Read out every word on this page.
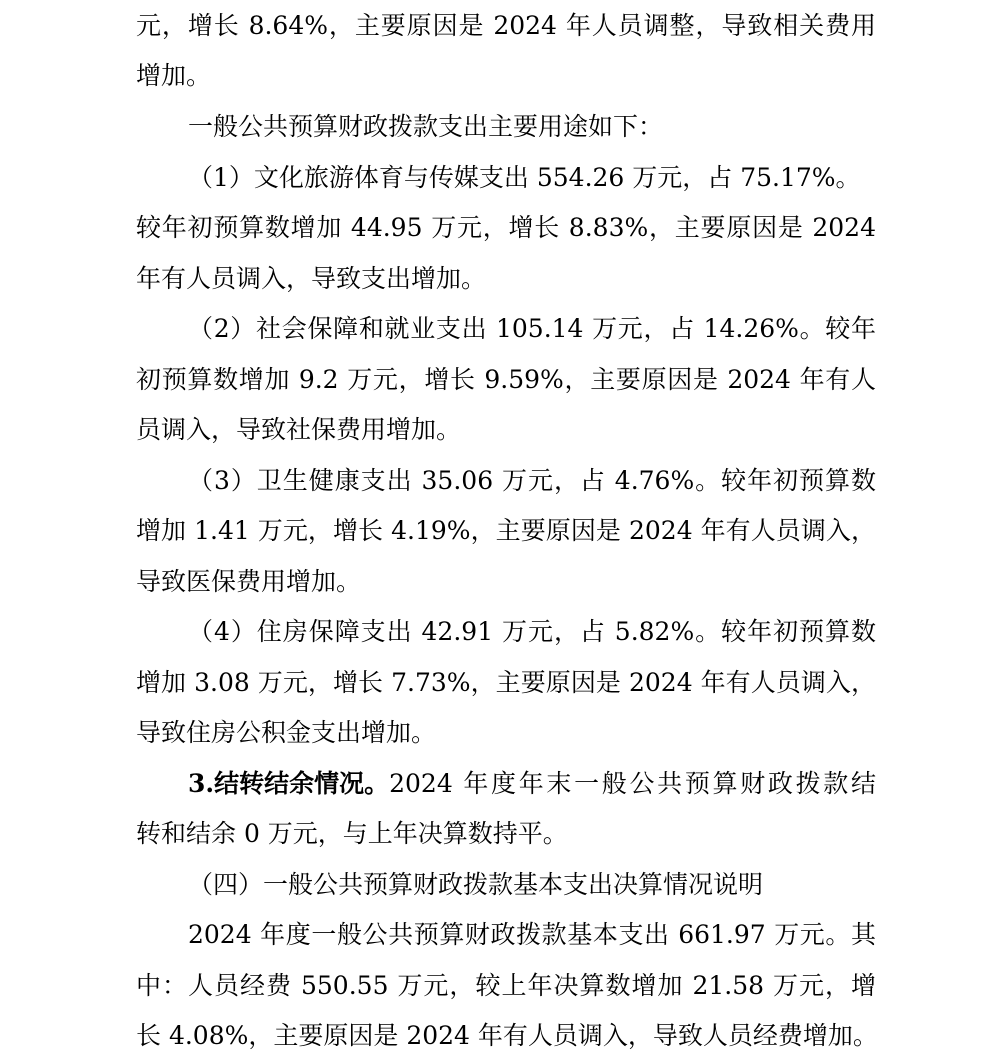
元，增长 8.64%，主要原因是 2024 年人员调整，导致相关费用
增加。
一般公共预算财政拨款支出主要用途如下：
（1）文化旅游体育与传媒支出 554.26 万元，占 75.17%。
较年初预算数增加 44.95 万元，增长 8.83%，主要原因是 2024
年有人员调入，导致支出增加。
（2）社会保障和就业支出 105.14 万元，占 14.26%。较年
初预算数增加 9.2 万元，增长 9.59%，主要原因是 2024 年有人
员调入，导致社保费用增加。
（3）卫生健康支出 35.06 万元，占 4.76%。较年初预算数
增加 1.41 万元，增长 4.19%，主要原因是 2024 年有人员调入，
导致医保费用增加。
（4）住房保障支出 42.91 万元，占 5.82%。较年初预算数
增加 3.08 万元，增长 7.73%，主要原因是 2024 年有人员调入，
导致住房公积金支出增加。
3.结转结余情况。 2024 年度年末一般公共预算财政拨款结
转和结余 0 万元，与上年决算数持平。
（四）一般公共预算财政拨款基本支出决算情况说明
2024 年度一般公共预算财政拨款基本支出 661.97 万元。其
中：人员经费 550.55 万元，较上年决算数增加 21.58 万元，增
长 4.08%，主要原因是 2024 年有人员调入，导致人员经费增加。
